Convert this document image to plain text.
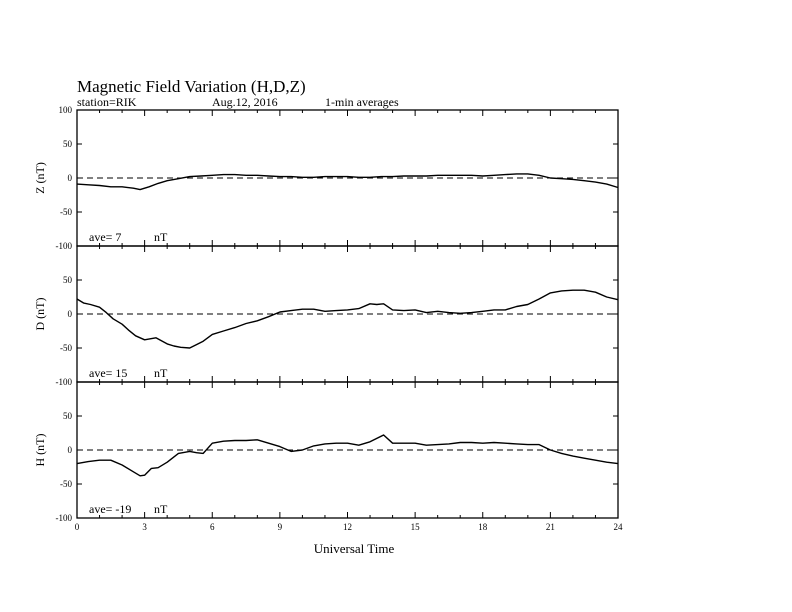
Magnetic Field Variation (H,D,Z)
station=RIK	Aug.12, 2016	1-min averages
100
50
0
-50
-100
Z (nT)
ave= 7	nT
50
0
-50
-100
D (nT)
ave= 15 nT
50
0
-50
-100
H (nT)
ave= -19 nT
0	3	6	9	12	15	18	21	24
Universal Time
